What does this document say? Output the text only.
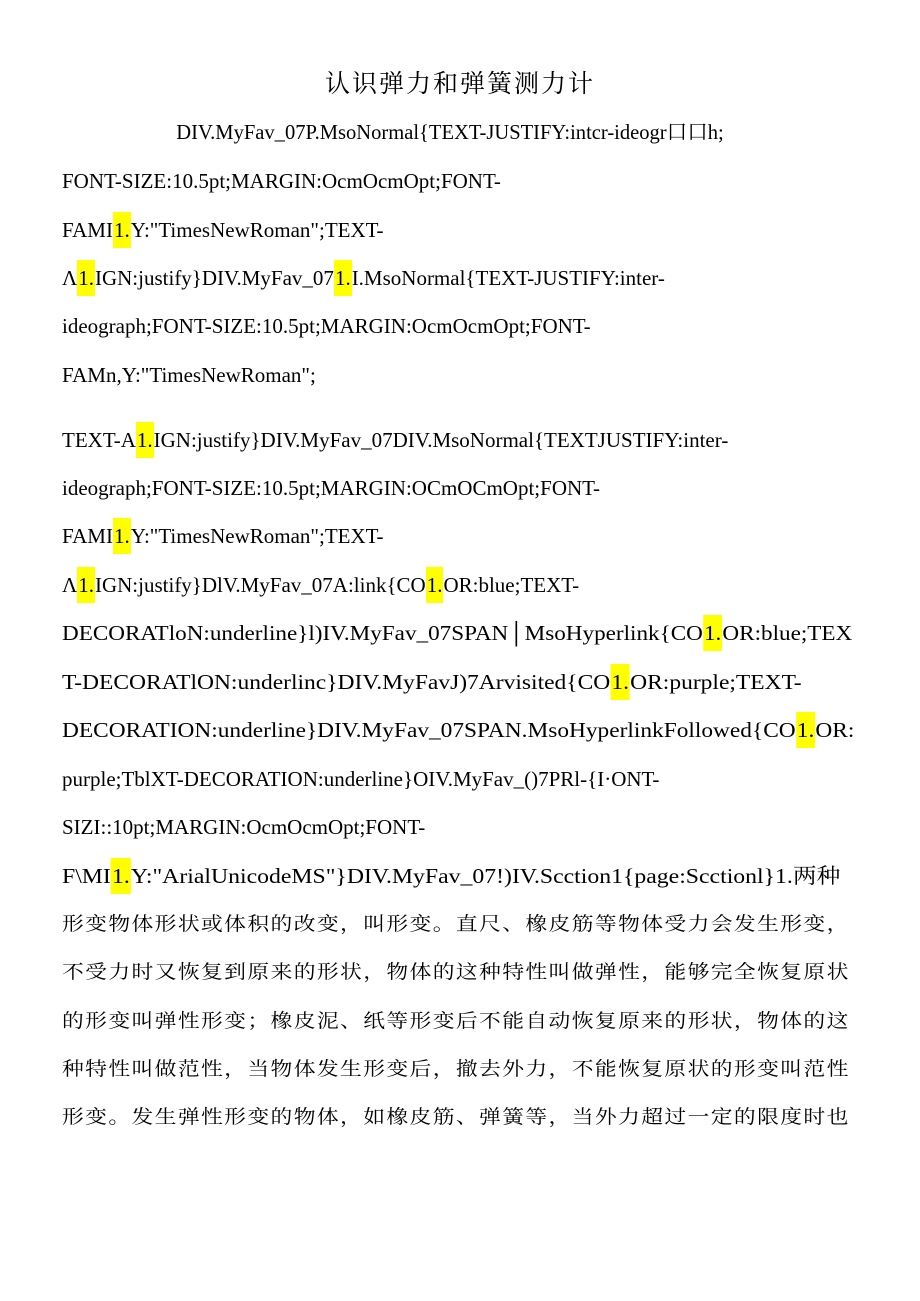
认识弹力和弹簧测力计
DIV.MyFav_07P.MsoNormal{TEXT-JUSTIFY:intcr-ideogr口口h;
FONT-SIZE:10.5pt;MARGIN:OcmOcmOpt;FONT-
FAMI1.Y:"TimesNewRoman";TEXT-
Λ1.IGN:justify}DIV.MyFav_071.I.MsoNormal{TEXT-JUSTIFY:inter-
ideograph;FONT-SIZE:10.5pt;MARGIN:OcmOcmOpt;FONT-
FAMn,Y:"TimesNewRoman";
TEXT-A1.IGN:justify}DIV.MyFav_07DIV.MsoNormal{TEXTJUSTIFY:inter-
ideograph;FONT-SIZE:10.5pt;MARGIN:OCmOCmOpt;FONT-
FAMI1.Y:"TimesNewRoman";TEXT-
Λ1.IGN:justify}DlV.MyFav_07A:link{CO1.OR:blue;TEXT-
DECORATloN:underline}l)IV.MyFav_07SPAN│MsoHyperlink{CO1.OR:blue;TEX
T-DECORATlON:underlinc}DIV.MyFavJ)7Arvisited{CO1.OR:purple;TEXT-
DECORATION:underline}DIV.MyFav_07SPAN.MsoHyperlinkFollowed{CO1.OR:
purple;TblXT-DECORATION:underline}OIV.MyFav_()7PRl-{I·ONT-
SIZI::10pt;MARGIN:OcmOcmOpt;FONT-
F\MI1.Y:"ArialUnicodeMS"}DIV.MyFav_07!)IV.Scction1{page:Scctionl}1.两种
形变物体形状或体积的改变，叫形变。直尺、橡皮筋等物体受力会发生形变，
不受力时又恢复到原来的形状，物体的这种特性叫做弹性，能够完全恢复原状
的形变叫弹性形变；橡皮泥、纸等形变后不能自动恢复原来的形状，物体的这
种特性叫做范性，当物体发生形变后，撤去外力，不能恢复原状的形变叫范性
形变。发生弹性形变的物体，如橡皮筋、弹簧等，当外力超过一定的限度时也
